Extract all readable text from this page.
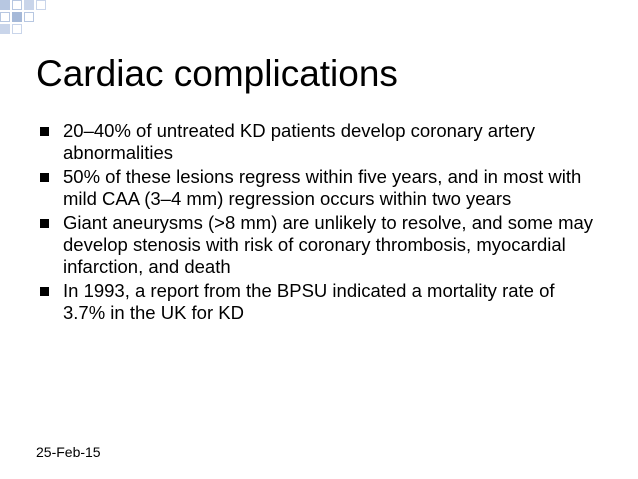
Cardiac complications
20–40% of untreated KD patients develop coronary artery abnormalities
50% of these lesions regress within five years, and in most with mild CAA (3–4 mm) regression occurs within two years
Giant aneurysms (>8 mm) are unlikely to resolve, and some may develop stenosis with risk of coronary thrombosis, myocardial infarction, and death
In 1993, a report from the BPSU indicated a mortality rate of 3.7% in the UK for KD
25-Feb-15
